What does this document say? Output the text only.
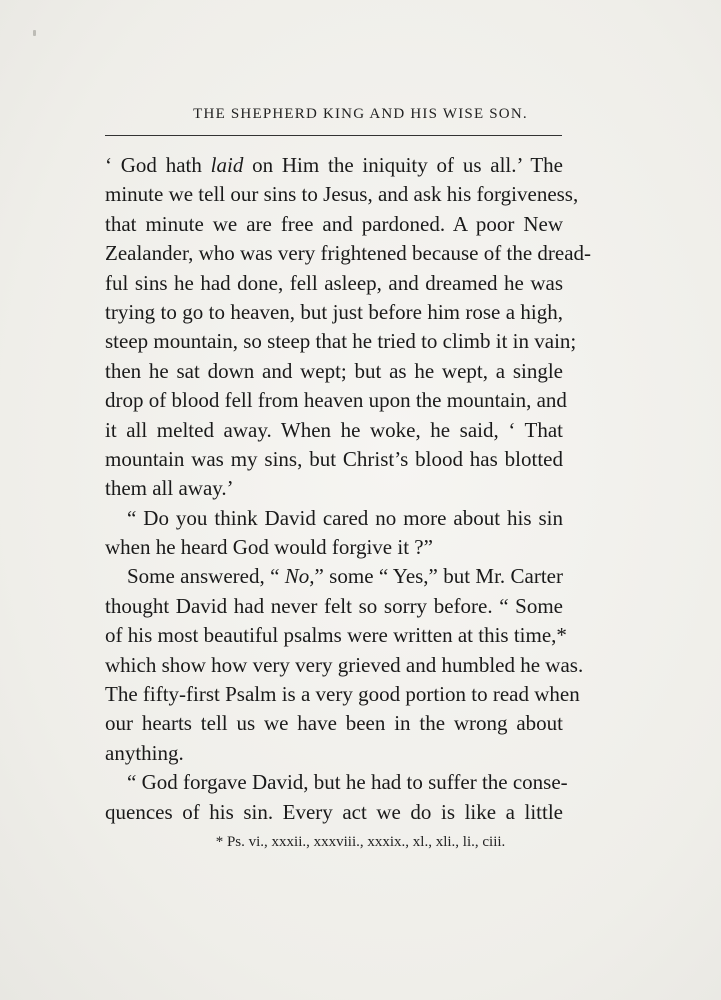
THE SHEPHERD KING AND HIS WISE SON.
‘ God hath laid on Him the iniquity of us all.’ The
minute we tell our sins to Jesus, and ask his forgiveness,
that minute we are free and pardoned. A poor New
Zealander, who was very frightened because of the dread-
ful sins he had done, fell asleep, and dreamed he was
trying to go to heaven, but just before him rose a high,
steep mountain, so steep that he tried to climb it in vain;
then he sat down and wept; but as he wept, a single
drop of blood fell from heaven upon the mountain, and
it all melted away. When he woke, he said, ‘ That
mountain was my sins, but Christ’s blood has blotted
them all away.’
“ Do you think David cared no more about his sin
when he heard God would forgive it ?”
Some answered, “ No,” some “ Yes,” but Mr. Carter
thought David had never felt so sorry before. “ Some
of his most beautiful psalms were written at this time,*
which show how very very grieved and humbled he was.
The fifty-first Psalm is a very good portion to read when
our hearts tell us we have been in the wrong about
anything.
“ God forgave David, but he had to suffer the conse-
quences of his sin. Every act we do is like a little
* Ps. vi., xxxii., xxxviii., xxxix., xl., xli., li., ciii.
